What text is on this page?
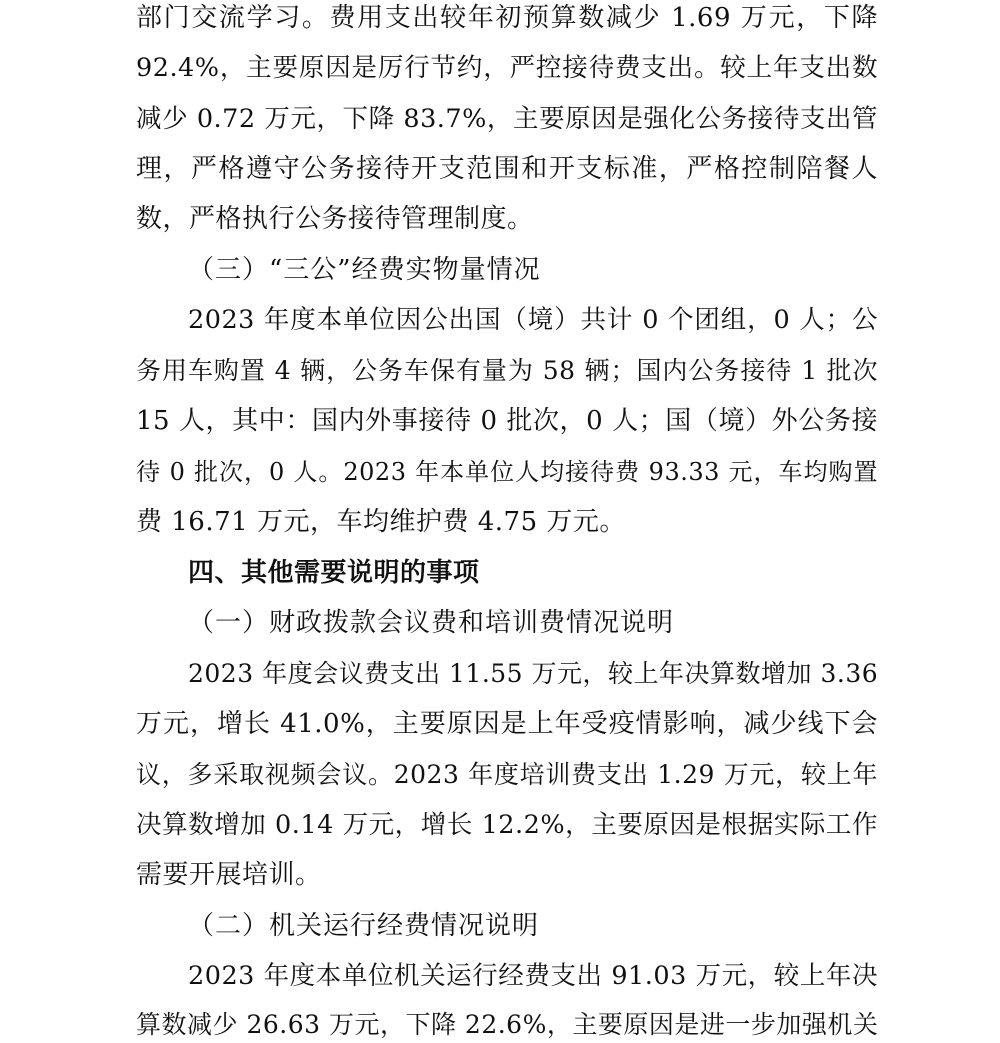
部门交流学习。费用支出较年初预算数减少 1.69 万元，下降
92.4%，主要原因是厉行节约，严控接待费支出。较上年支出数
减少 0.72 万元，下降 83.7%，主要原因是强化公务接待支出管
理，严格遵守公务接待开支范围和开支标准，严格控制陪餐人
数，严格执行公务接待管理制度。
（三）“三公”经费实物量情况
2023 年度本单位因公出国（境）共计 0 个团组，0 人；公
务用车购置 4 辆，公务车保有量为 58 辆；国内公务接待 1 批次
15 人，其中：国内外事接待 0 批次，0 人；国（境）外公务接
待 0 批次，0 人。2023 年本单位人均接待费 93.33 元，车均购置
费 16.71 万元，车均维护费 4.75 万元。
四、其他需要说明的事项
（一）财政拨款会议费和培训费情况说明
2023 年度会议费支出 11.55 万元，较上年决算数增加 3.36
万元，增长 41.0%，主要原因是上年受疫情影响，减少线下会
议，多采取视频会议。2023 年度培训费支出 1.29 万元，较上年
决算数增加 0.14 万元，增长 12.2%，主要原因是根据实际工作
需要开展培训。
（二）机关运行经费情况说明
2023 年度本单位机关运行经费支出 91.03 万元，较上年决
算数减少 26.63 万元，下降 22.6%，主要原因是进一步加强机关
